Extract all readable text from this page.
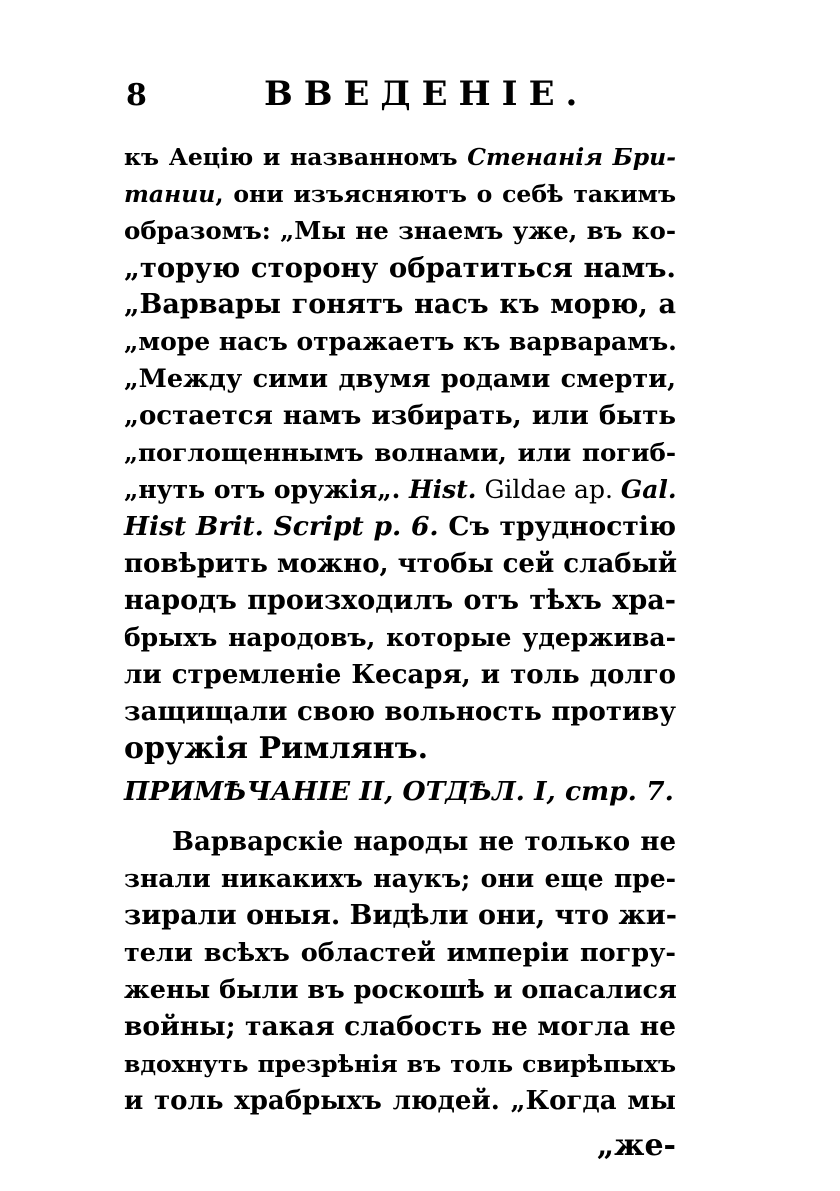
8	ВВЕДЕНІЕ.
къ Аецію и названномъ Стенанія Бри-
тании, они изъясняютъ о себѣ такимъ
образомъ: „Мы не знаемъ уже, въ ко-
„торую сторону обратиться намъ.
„Варвары гонятъ насъ къ морю, а
„море насъ отражаетъ къ варварамъ.
„Между сими двумя родами смерти,
„остается намъ избирать, или быть
„поглощеннымъ волнами, или погиб-
„нуть отъ оружія„. Hist. Gildae ap. Gal.
Hist Brit. Script p. 6. Съ трудностію
повѣрить можно, чтобы сей слабый
народъ произходилъ отъ тѣхъ хра-
брыхъ народовъ, которые удержива-
ли стремленіе Кесаря, и толь долго
защищали свою вольность противу
оружія Римлянъ.
ПРИМѢЧАНІЕ II, ОТДѢЛ. I, стр. 7.
Варварскіе народы не только не
знали никакихъ наукъ; они еще пре-
зирали оныя. Видѣли они, что жи-
тели всѣхъ областей имперіи погру-
жены были въ роскошѣ и опасалися
войны; такая слабость не могла не
вдохнуть презрѣнія въ толь свирѣпыхъ
и толь храбрыхъ людей. „Когда мы
„же-
